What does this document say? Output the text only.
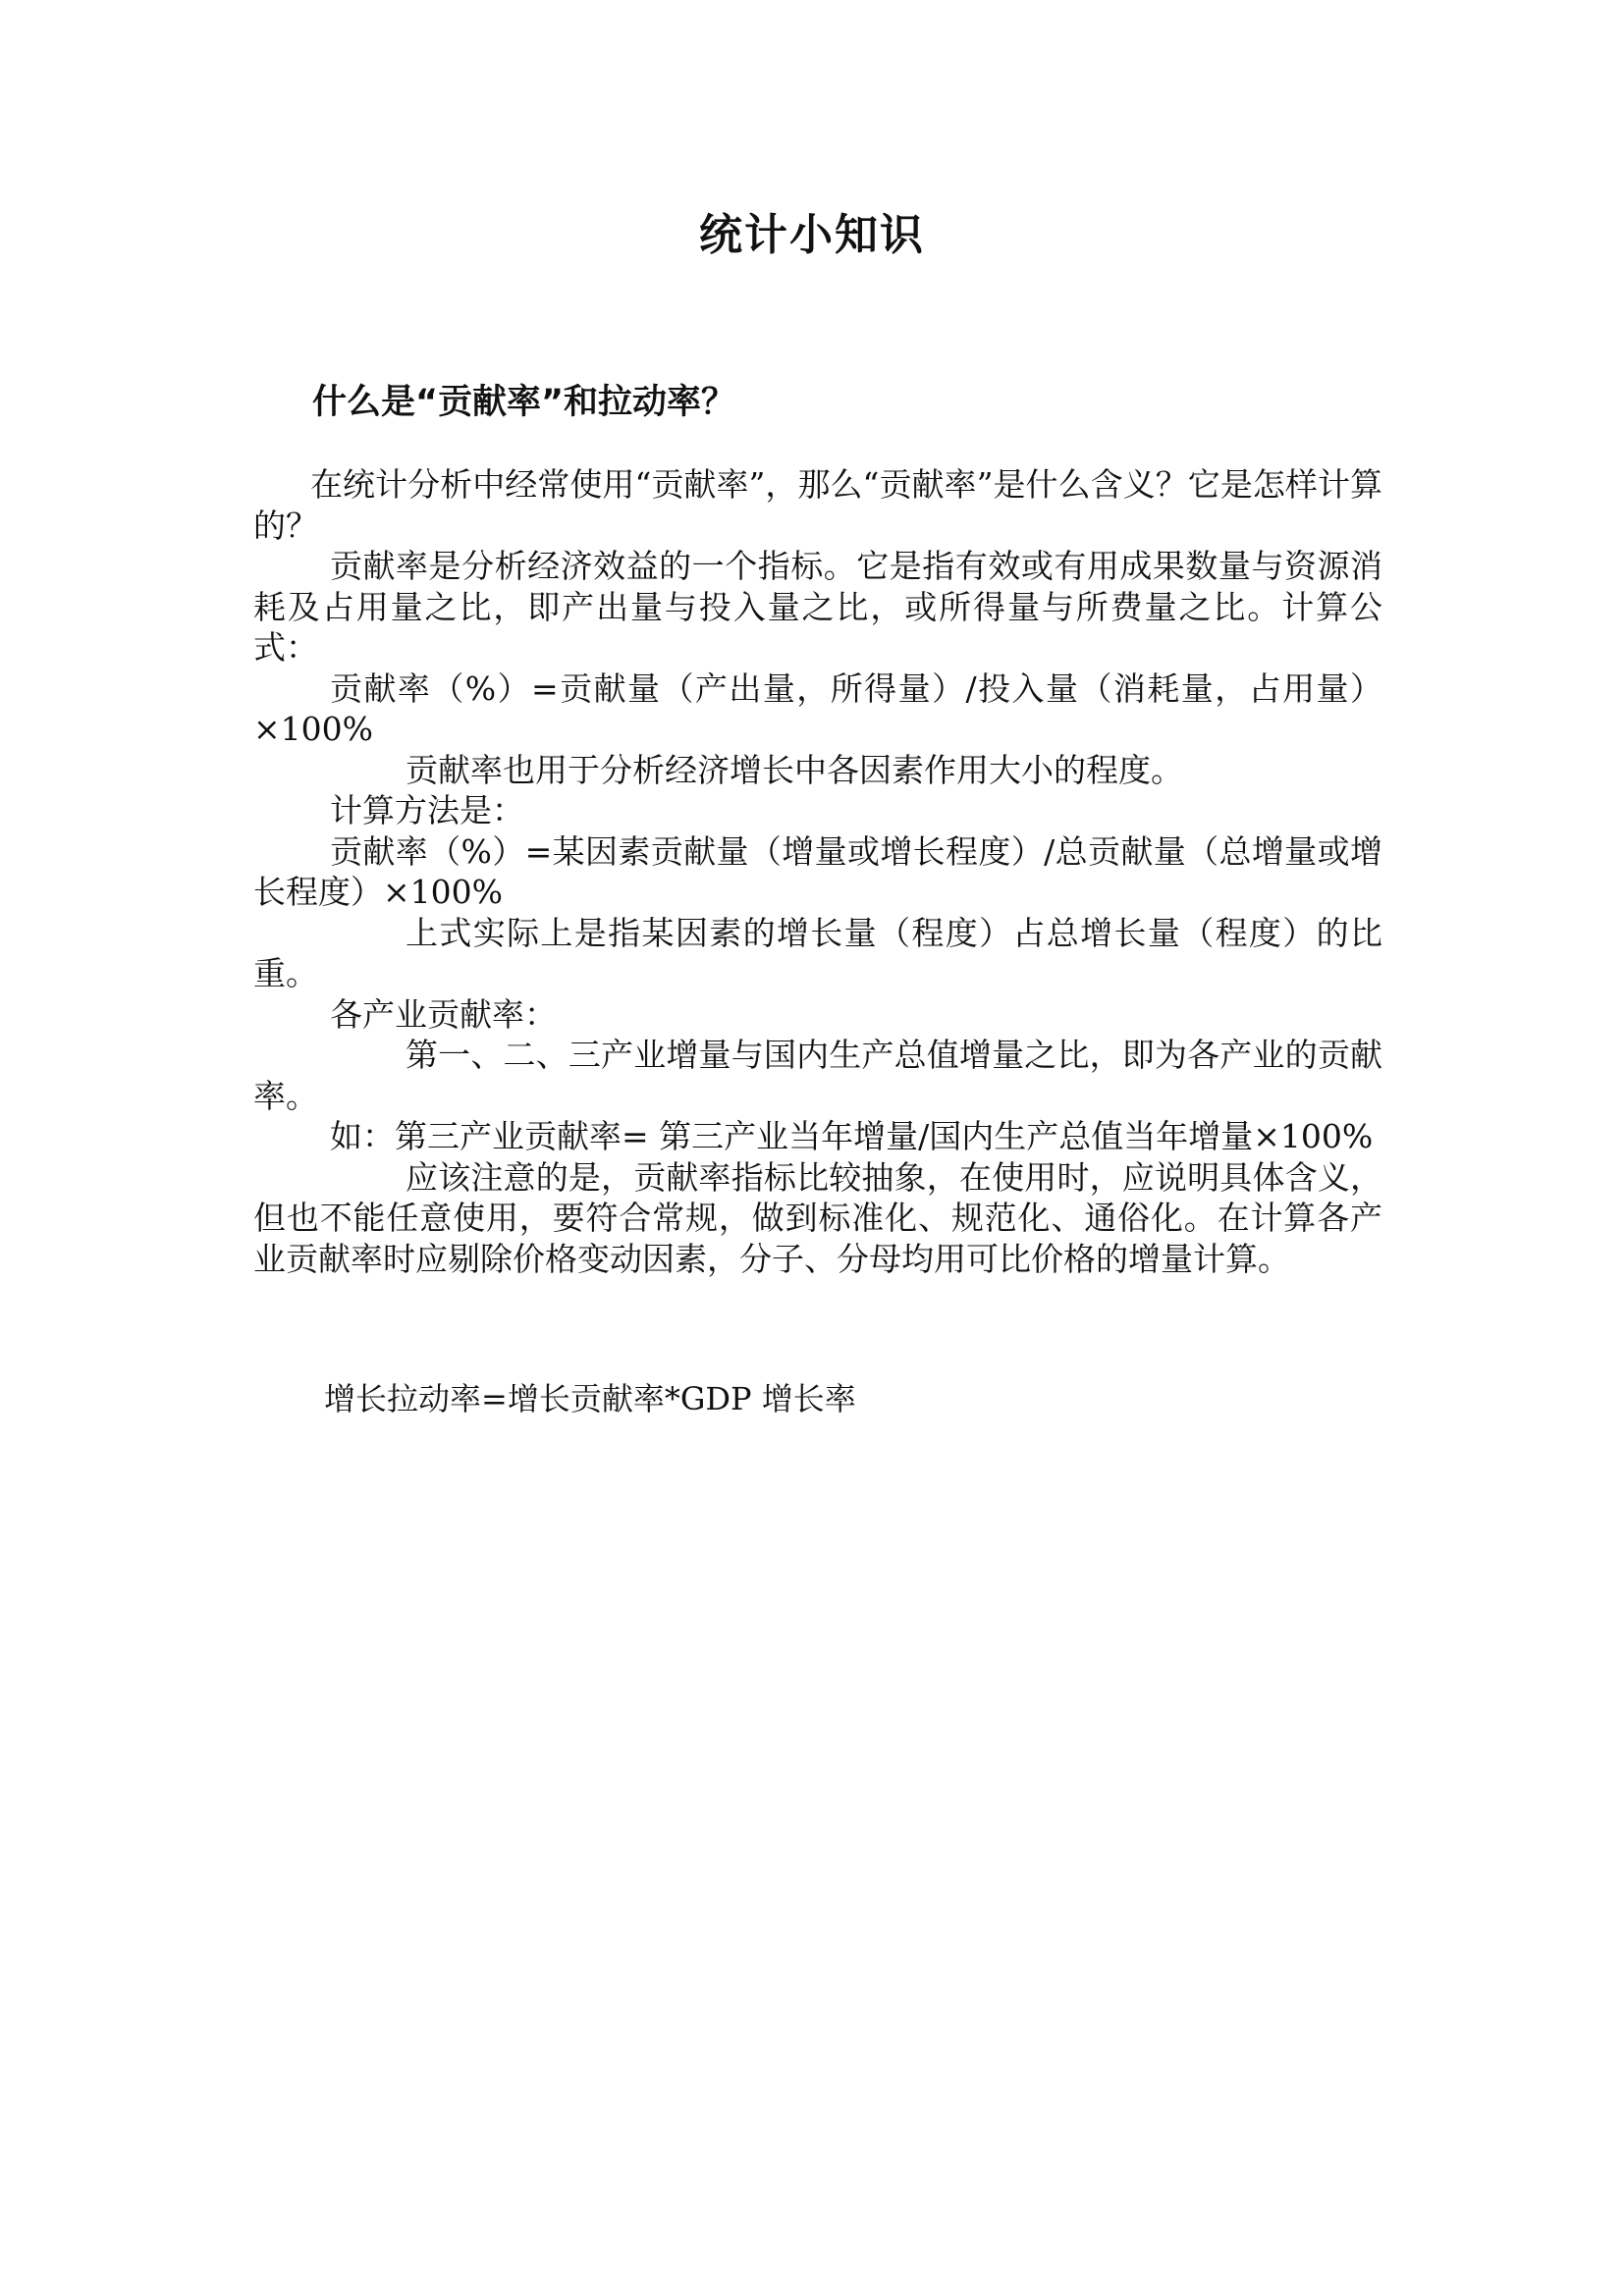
统计小知识
什么是“贡献率”和拉动率？

在统计分析中经常使用“贡献率”，那么“贡献率”是什么含义？它是怎样计算的？

贡献率是分析经济效益的一个指标。它是指有效或有用成果数量与资源消耗及占用量之比，即产出量与投入量之比，或所得量与所费量之比。计算公式：

贡献率（%）=贡献量（产出量，所得量）/投入量（消耗量，占用量）×100%

贡献率也用于分析经济增长中各因素作用大小的程度。

计算方法是：

贡献率（%）=某因素贡献量（增量或增长程度）/总贡献量（总增量或增长程度）×100%

上式实际上是指某因素的增长量（程度）占总增长量（程度）的比重。

各产业贡献率：

第一、二、三产业增量与国内生产总值增量之比，即为各产业的贡献率。

如：第三产业贡献率= 第三产业当年增量/国内生产总值当年增量×100%

应该注意的是，贡献率指标比较抽象，在使用时，应说明具体含义，但也不能任意使用，要符合常规，做到标准化、规范化、通俗化。在计算各产业贡献率时应剔除价格变动因素，分子、分母均用可比价格的增量计算。

增长拉动率=增长贡献率*GDP 增长率
